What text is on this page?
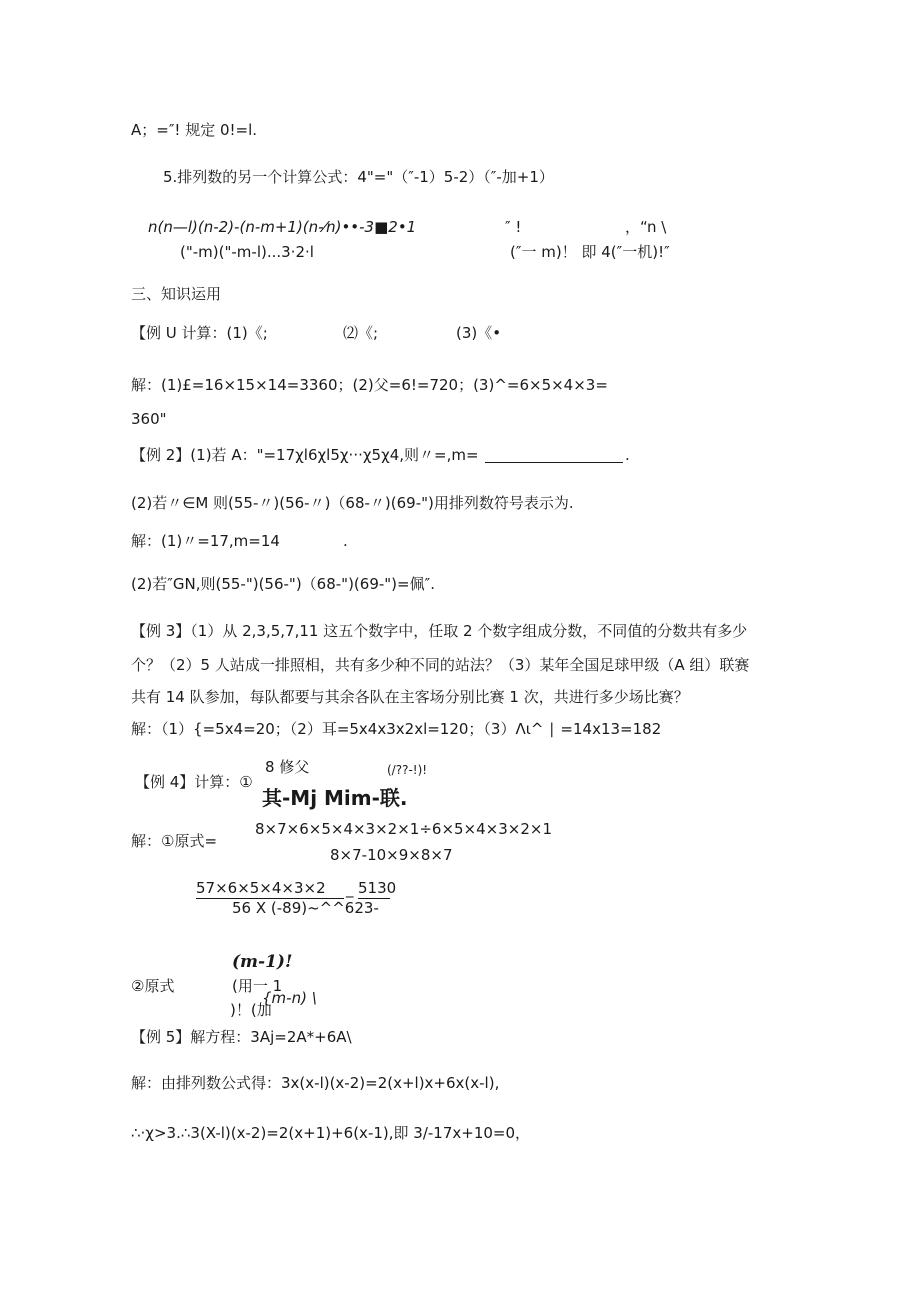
A；=″! 规定 0!=l.
5.排列数的另一个计算公式：4"="（″-1）5-2）（″-加+1）
n(n—l)(n-2)-(n-m+1)(n-⁄n)••-3■2•1	″ !	，“n \
("-m)("-m-l)...3·2·l	(″一 m)！ 即 4(″一机)!″
三、知识运用
【例 U 计算：(1)《;	⑵《;	(3)《•
解：(1)£=16×15×14=3360；(2)父=6!=720；(3)^=6×5×4×3=
360"
【例 2】(1)若 A："=17χl6χl5χ···χ5χ4,则〃=,m=	.
(2)若〃∈M 则(55-〃)(56-〃)（68-〃)(69-")用排列数符号表示为.
解：(1)〃=17,m=14	.
(2)若″GN,则(55-")(56-")（68-")(69-")=佩″.
【例 3】（1）从 2,3,5,7,11 这五个数字中，任取 2 个数字组成分数，不同值的分数共有多少
个？（2）5 人站成一排照相，共有多少种不同的站法？（3）某年全国足球甲级（A 组）联赛
共有 14 队参加，每队都要与其余各队在主客场分别比赛 1 次，共进行多少场比赛？
解：（1）{=5x4=20；（2）耳=5x4x3x2xl=120；（3）Λι^ ∣ =14x13=182
8 修父	(/??-!)!
【例 4】计算：①
其-Mj Mim-联.
解：①原式=
8×7×6×5×4×3×2×1÷6×5×4×3×2×1
8×7-10×9×8×7
57×6×5×4×3×2 _ 5130
56 X (-89)~^^623-
(m-1)!
②原式	(用一 1
{m-n) \
)！(加
【例 5】解方程：3Aj=2A*+6A\
解：由排列数公式得：3x(x-l)(x-2)=2(x+l)x+6x(x-l),
∴·χ>3.∴3(X-l)(x-2)=2(x+1)+6(x-1),即 3/-17x+10=0，
